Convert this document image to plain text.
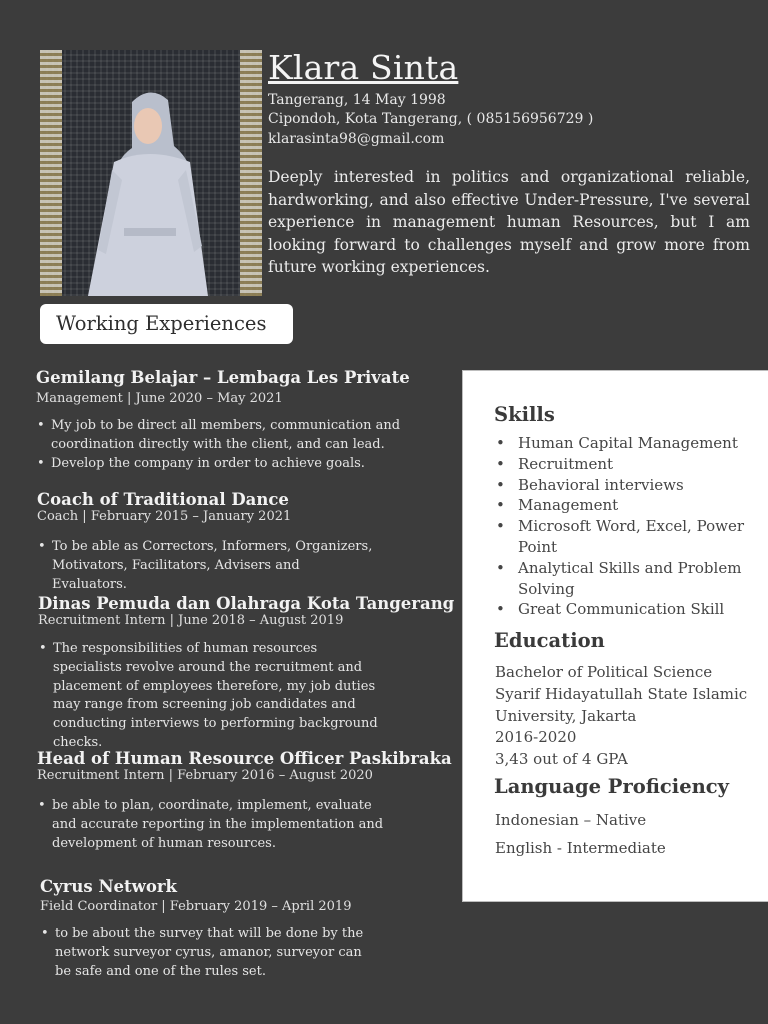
Klara Sinta
Tangerang, 14 May 1998
Cipondoh, Kota Tangerang, ( 085156956729 )
klarasinta98@gmail.com
Deeply interested in politics and organizational reliable, hardworking, and also effective Under-Pressure, I've several experience in management human Resources, but I am looking forward to challenges myself and grow more from future working experiences.
Working Experiences
Gemilang Belajar – Lembaga Les Private
Management | June 2020 – May 2021
• My job to be direct all members, communication and coordination directly with the client, and can lead.
• Develop the company in order to achieve goals.
Coach of Traditional Dance
Coach | February 2015 – January 2021
• To be able as Correctors, Informers, Organizers, Motivators, Facilitators, Advisers and Evaluators.
Dinas Pemuda dan Olahraga Kota Tangerang
Recruitment Intern | June 2018 – August 2019
• The responsibilities of human resources specialists revolve around the recruitment and placement of employees therefore, my job duties may range from screening job candidates and conducting interviews to performing background checks.
Head of Human Resource Officer Paskibraka
Recruitment Intern | February 2016 – August 2020
• be able to plan, coordinate, implement, evaluate and accurate reporting in the implementation and development of human resources.
Cyrus Network
Field Coordinator | February 2019 – April 2019
• to be about the survey that will be done by the network surveyor cyrus, amanor, surveyor can be safe and one of the rules set.
Skills
• Human Capital Management
• Recruitment
• Behavioral interviews
• Management
• Microsoft Word, Excel, Power Point
• Analytical Skills and Problem Solving
• Great Communication Skill
Education
Bachelor of Political Science
Syarif Hidayatullah State Islamic
University, Jakarta
2016-2020
3,43 out of 4 GPA
Language Proficiency
Indonesian – Native
English - Intermediate
